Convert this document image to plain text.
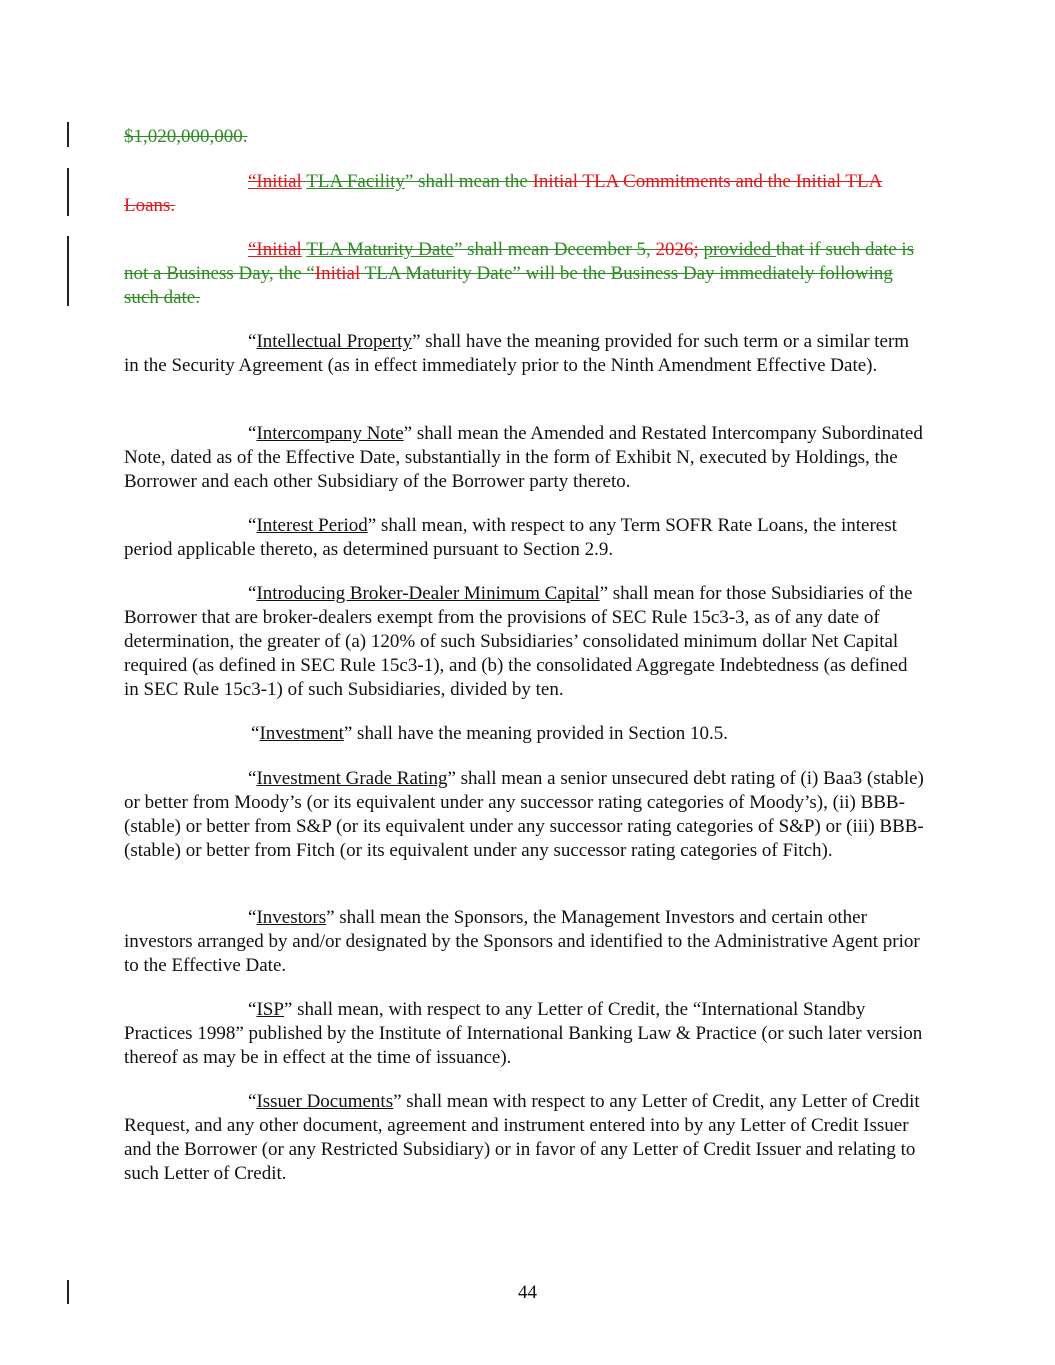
$1,020,000,000.

“Initial TLA Facility” shall mean the Initial TLA Commitments and the Initial TLA Loans.

“Initial TLA Maturity Date” shall mean December 5, 2026; provided that if such date is not a Business Day, the “Initial TLA Maturity Date” will be the Business Day immediately following such date.

“Intellectual Property” shall have the meaning provided for such term or a similar term in the Security Agreement (as in effect immediately prior to the Ninth Amendment Effective Date).

“Intercompany Note” shall mean the Amended and Restated Intercompany Subordinated Note, dated as of the Effective Date, substantially in the form of Exhibit N, executed by Holdings, the Borrower and each other Subsidiary of the Borrower party thereto.

“Interest Period” shall mean, with respect to any Term SOFR Rate Loans, the interest period applicable thereto, as determined pursuant to Section 2.9.

“Introducing Broker-Dealer Minimum Capital” shall mean for those Subsidiaries of the Borrower that are broker-dealers exempt from the provisions of SEC Rule 15c3-3, as of any date of determination, the greater of (a) 120% of such Subsidiaries’ consolidated minimum dollar Net Capital required (as defined in SEC Rule 15c3-1), and (b) the consolidated Aggregate Indebtedness (as defined in SEC Rule 15c3-1) of such Subsidiaries, divided by ten.

“Investment” shall have the meaning provided in Section 10.5.

“Investment Grade Rating” shall mean a senior unsecured debt rating of (i) Baa3 (stable) or better from Moody’s (or its equivalent under any successor rating categories of Moody’s), (ii) BBB- (stable) or better from S&P (or its equivalent under any successor rating categories of S&P) or (iii) BBB- (stable) or better from Fitch (or its equivalent under any successor rating categories of Fitch).

“Investors” shall mean the Sponsors, the Management Investors and certain other investors arranged by and/or designated by the Sponsors and identified to the Administrative Agent prior to the Effective Date.

“ISP” shall mean, with respect to any Letter of Credit, the “International Standby Practices 1998” published by the Institute of International Banking Law & Practice (or such later version thereof as may be in effect at the time of issuance).

“Issuer Documents” shall mean with respect to any Letter of Credit, any Letter of Credit Request, and any other document, agreement and instrument entered into by any Letter of Credit Issuer and the Borrower (or any Restricted Subsidiary) or in favor of any Letter of Credit Issuer and relating to such Letter of Credit.

44
